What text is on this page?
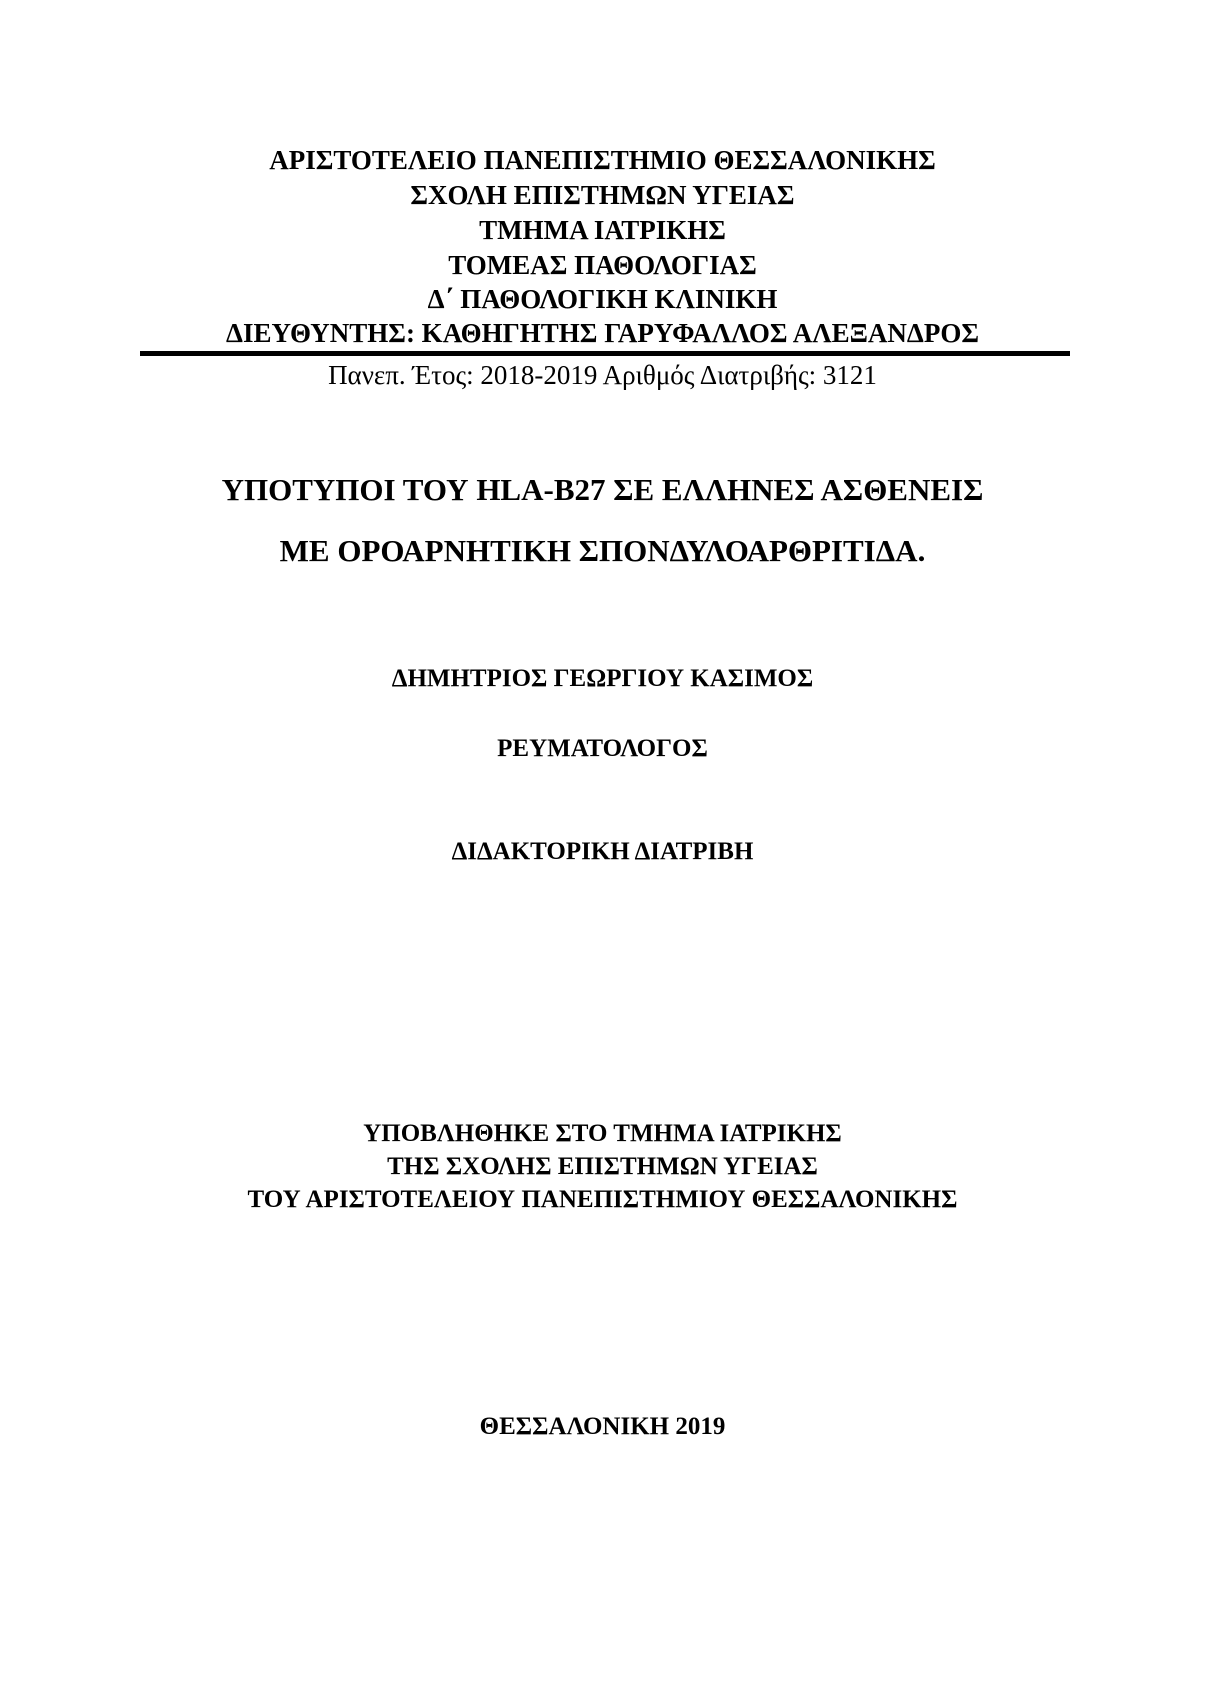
ΑΡΙΣΤΟΤΕΛΕΙΟ ΠΑΝΕΠΙΣΤΗΜΙΟ ΘΕΣΣΑΛΟΝΙΚΗΣ
ΣΧΟΛΗ ΕΠΙΣΤΗΜΩΝ ΥΓΕΙΑΣ
ΤΜΗΜΑ ΙΑΤΡΙΚΗΣ
ΤΟΜΕΑΣ ΠΑΘΟΛΟΓΙΑΣ
Δ΄ ΠΑΘΟΛΟΓΙΚΗ ΚΛΙΝΙΚΗ
ΔΙΕΥΘΥΝΤΗΣ: ΚΑΘΗΓΗΤΗΣ ΓΑΡΥΦΑΛΛΟΣ ΑΛΕΞΑΝΔΡΟΣ
Πανεπ. Έτος: 2018-2019 Αριθμός Διατριβής: 3121
ΥΠΟΤΥΠΟΙ ΤΟΥ HLA-B27 ΣΕ ΕΛΛΗΝΕΣ ΑΣΘΕΝΕΙΣ
ΜΕ ΟΡΟΑΡΝΗΤΙΚΗ ΣΠΟΝΔΥΛΟΑΡΘΡΙΤΙΔΑ.
ΔΗΜΗΤΡΙΟΣ ΓΕΩΡΓΙΟΥ ΚΑΣΙΜΟΣ
ΡΕΥΜΑΤΟΛΟΓΟΣ
ΔΙΔΑΚΤΟΡΙΚΗ ΔΙΑΤΡΙΒΗ
ΥΠΟΒΛΗΘΗΚΕ ΣΤΟ ΤΜΗΜΑ ΙΑΤΡΙΚΗΣ
ΤΗΣ ΣΧΟΛΗΣ ΕΠΙΣΤΗΜΩΝ ΥΓΕΙΑΣ
ΤΟΥ ΑΡΙΣΤΟΤΕΛΕΙΟΥ ΠΑΝΕΠΙΣΤΗΜΙΟΥ ΘΕΣΣΑΛΟΝΙΚΗΣ
ΘΕΣΣΑΛΟΝΙΚΗ 2019
